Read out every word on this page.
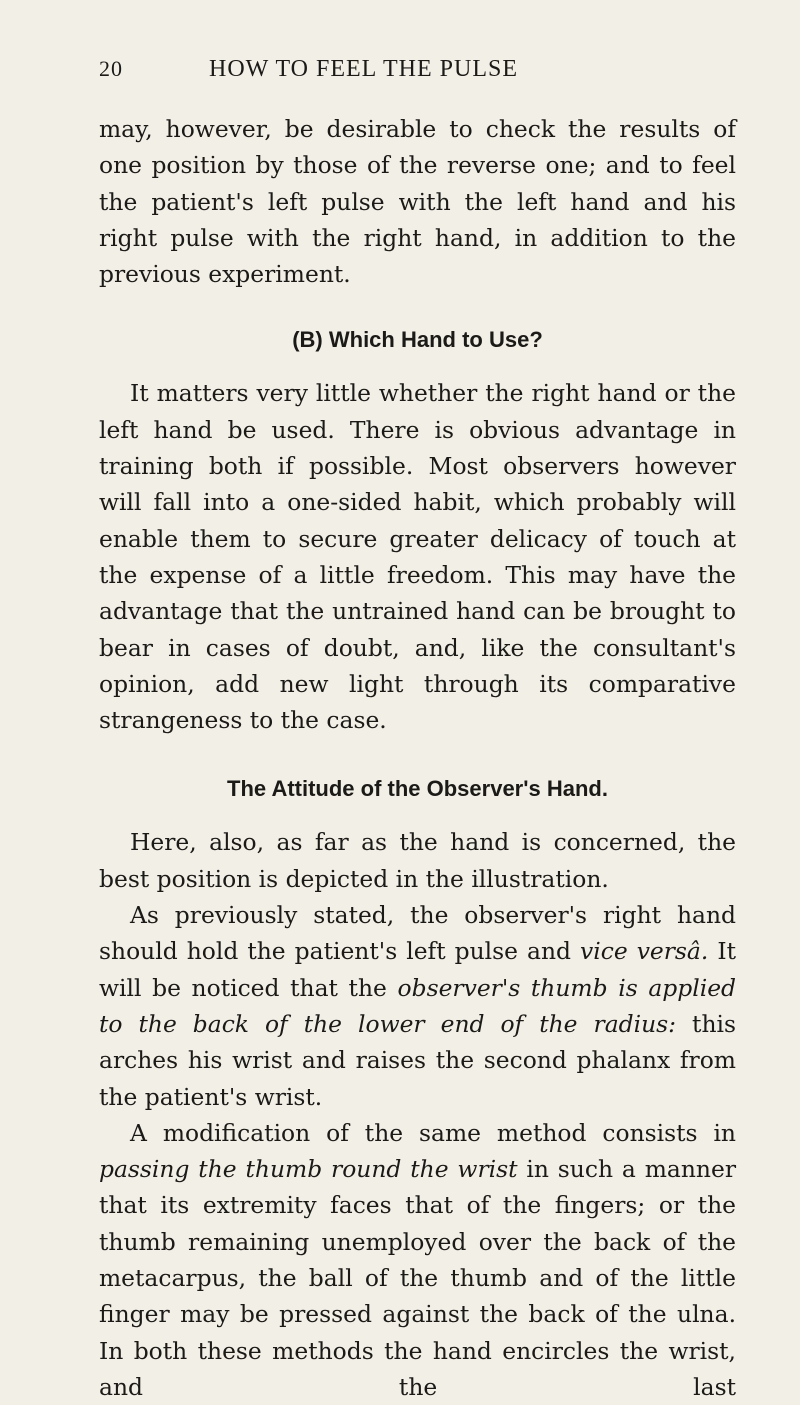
20	HOW TO FEEL THE PULSE

may, however, be desirable to check the results of one position by those of the reverse one; and to feel the patient's left pulse with the left hand and his right pulse with the right hand, in addition to the previous experiment.

(B) Which Hand to Use?

It matters very little whether the right hand or the left hand be used. There is obvious advantage in training both if possible. Most observers however will fall into a one-sided habit, which probably will enable them to secure greater delicacy of touch at the expense of a little freedom. This may have the advantage that the untrained hand can be brought to bear in cases of doubt, and, like the consultant's opinion, add new light through its comparative strangeness to the case.

The Attitude of the Observer's Hand.

Here, also, as far as the hand is concerned, the best position is depicted in the illustration.

As previously stated, the observer's right hand should hold the patient's left pulse and vice versâ. It will be noticed that the observer's thumb is applied to the back of the lower end of the radius: this arches his wrist and raises the second phalanx from the patient's wrist.

A modification of the same method consists in passing the thumb round the wrist in such a manner that its extremity faces that of the fingers; or the thumb remaining unemployed over the back of the metacarpus, the ball of the thumb and of the little finger may be pressed against the back of the ulna. In both these methods the hand encircles the wrist, and the last
